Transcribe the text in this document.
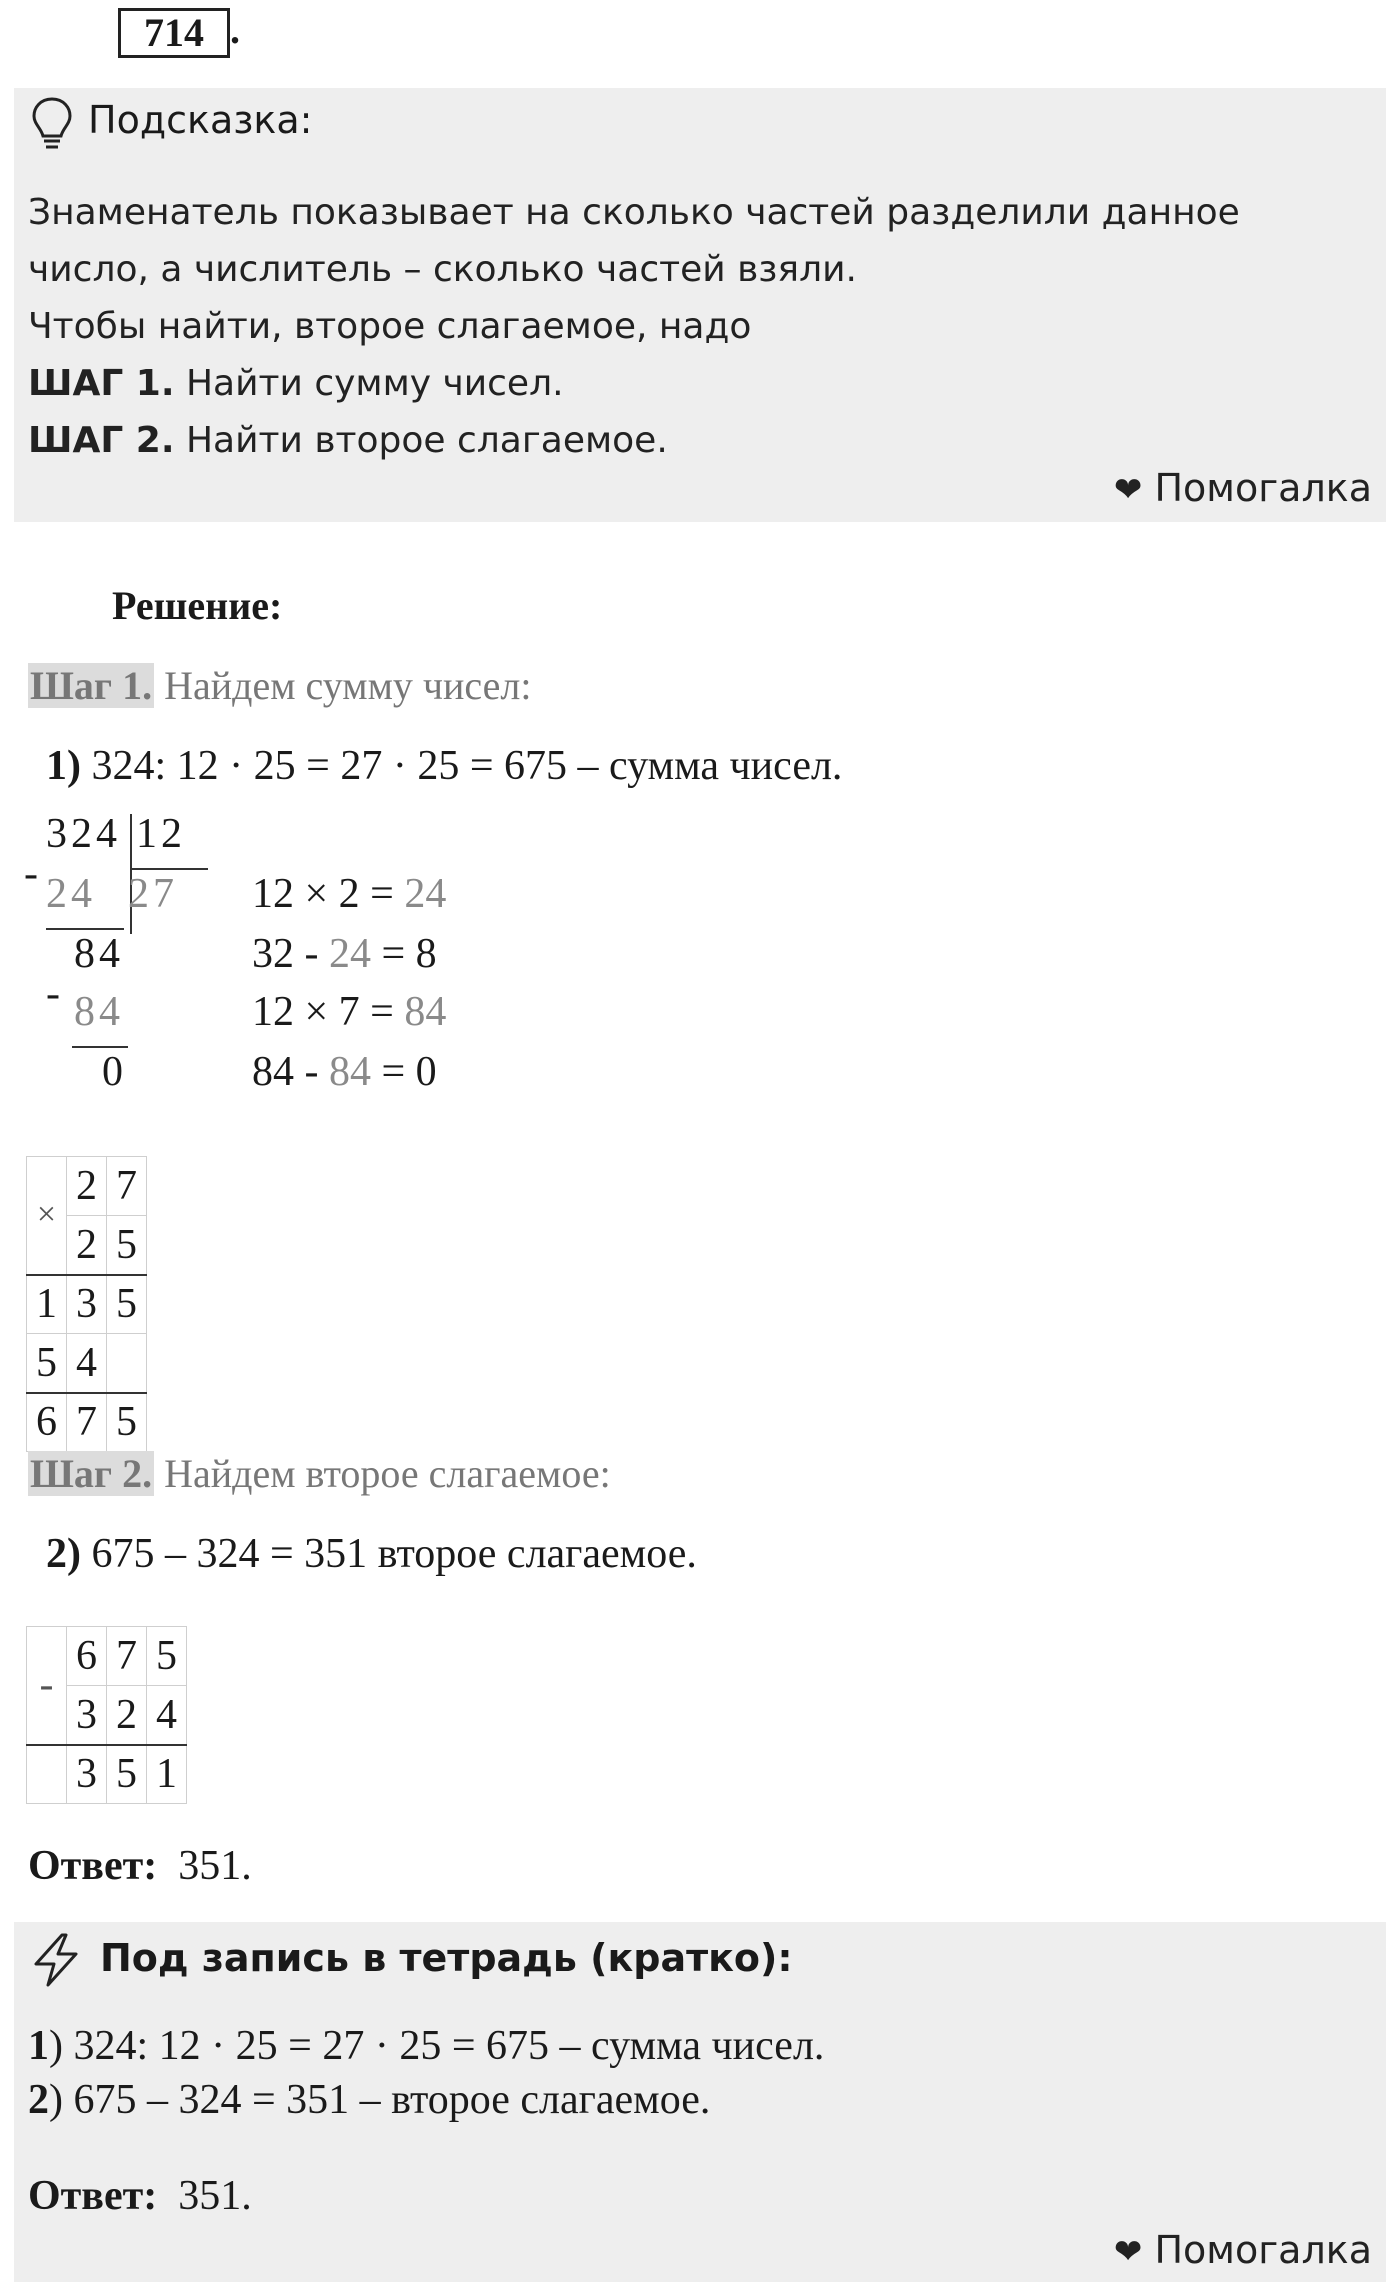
714 .
Подсказка:
Знаменатель показывает на сколько частей разделили данное
число, а числитель – сколько частей взяли.
Чтобы найти, второе слагаемое, надо
ШАГ 1. Найти сумму чисел.
ШАГ 2. Найти второе слагаемое.
❤ Помогалка
Решение:
Шаг 1. Найдем сумму чисел:
1) 324: 12 · 25 = 27 · 25 = 675 – сумма чисел.
324 12
27
- 24
84
- 84
0
12 × 2 = 24
32 - 24 = 8
12 × 7 = 84
84 - 84 = 0
×	2	7
	2	5
1	3	5
5	4	
6	7	5
Шаг 2. Найдем второе слагаемое:
2) 675 – 324 = 351 второе слагаемое.
-	6	7	5
	3	2	4
	3	5	1
Ответ:  351.
Под запись в тетрадь (кратко):
1) 324: 12 · 25 = 27 · 25 = 675 – сумма чисел.
2) 675 – 324 = 351 – второе слагаемое.
Ответ:  351.
❤ Помогалка
